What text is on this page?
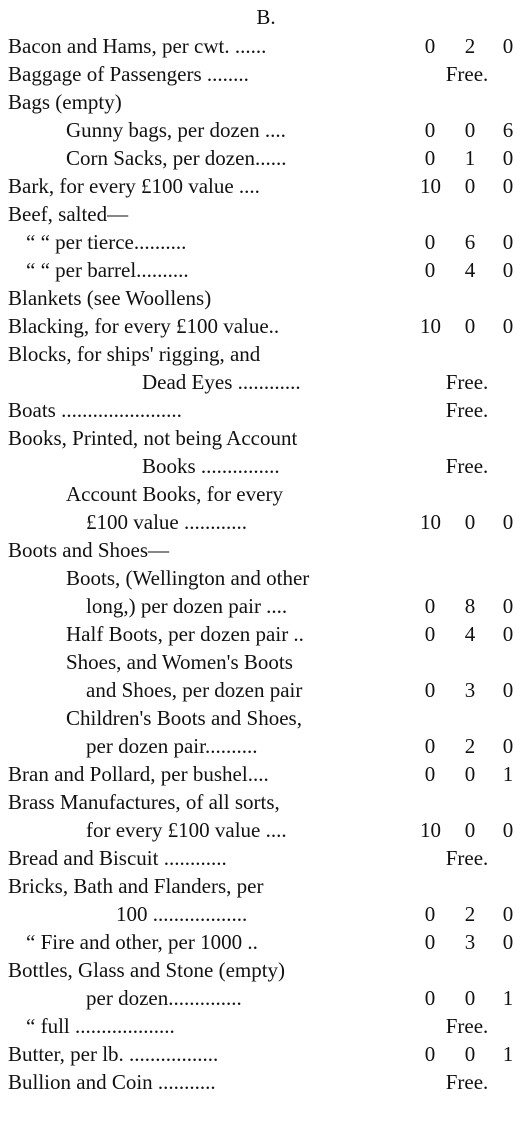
B.
Bacon and Hams, per cwt. ......	0 2 0
Baggage of Passengers ........	Free.
Bags (empty)
Gunny bags, per dozen ....	0 0 6
Corn Sacks, per dozen......	0 1 0
Bark, for every £100 value ....	10 0 0
Beef, salted—
“ “ per tierce..........	0 6 0
“ “ per barrel..........	0 4 0
Blankets (see Woollens)
Blacking, for every £100 value..	10 0 0
Blocks, for ships' rigging, and
Dead Eyes ............	Free.
Boats .......................	Free.
Books, Printed, not being Account
Books ...............	Free.
Account Books, for every
£100 value ............	10 0 0
Boots and Shoes—
Boots, (Wellington and other
long,) per dozen pair ....	0 8 0
Half Boots, per dozen pair ..	0 4 0
Shoes, and Women's Boots
and Shoes, per dozen pair	0 3 0
Children's Boots and Shoes,
per dozen pair..........	0 2 0
Bran and Pollard, per bushel....	0 0 1
Brass Manufactures, of all sorts,
for every £100 value ....	10 0 0
Bread and Biscuit ............	Free.
Bricks, Bath and Flanders, per
100 ..................	0 2 0
“ Fire and other, per 1000 ..	0 3 0
Bottles, Glass and Stone (empty)
per dozen..............	0 0 1
“ full ...................	Free.
Butter, per lb. .................	0 0 1
Bullion and Coin ...........	Free.
